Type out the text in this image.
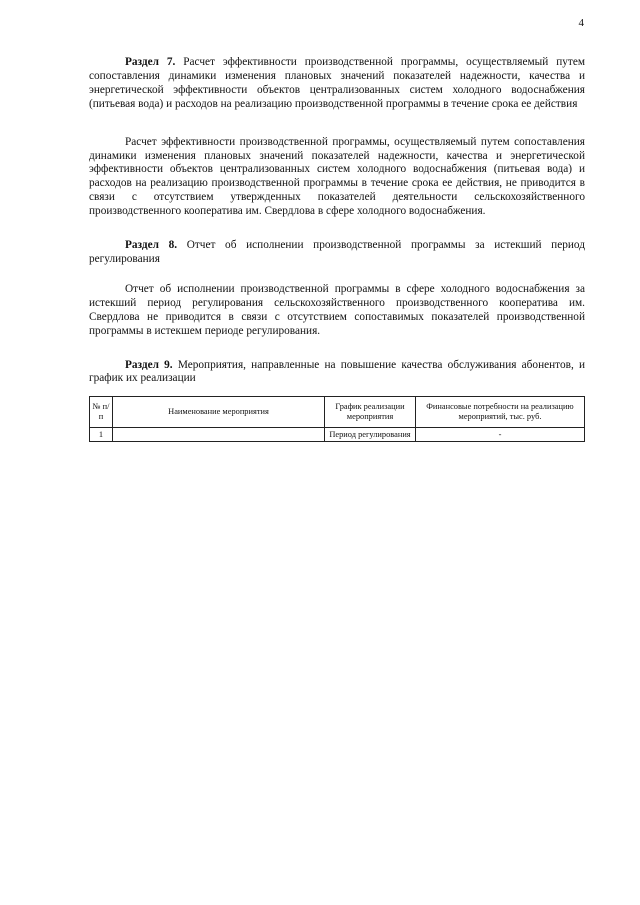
4

Раздел 7. Расчет эффективности производственной программы, осуществляемый путем сопоставления динамики изменения плановых значений показателей надежности, качества и энергетической эффективности объектов централизованных систем холодного водоснабжения (питьевая вода) и расходов на реализацию производственной программы в течение срока ее действия

Расчет эффективности производственной программы, осуществляемый путем сопоставления динамики изменения плановых значений показателей надежности, качества и энергетической эффективности объектов централизованных систем холодного водоснабжения (питьевая вода) и расходов на реализацию производственной программы в течение срока ее действия, не приводится в связи с отсутствием утвержденных показателей деятельности сельскохозяйственного производственного кооператива им. Свердлова в сфере холодного водоснабжения.

Раздел 8. Отчет об исполнении производственной программы за истекший период регулирования

Отчет об исполнении производственной программы в сфере холодного водоснабжения за истекший период регулирования сельскохозяйственного производственного кооператива им. Свердлова не приводится в связи с отсутствием сопоставимых показателей производственной программы в истекшем периоде регулирования.

Раздел 9. Мероприятия, направленные на повышение качества обслуживания абонентов, и график их реализации

№ п/п	Наименование мероприятия	График реализации мероприятия	Финансовые потребности на реализацию мероприятий, тыс. руб.
1		Период регулирования	-
